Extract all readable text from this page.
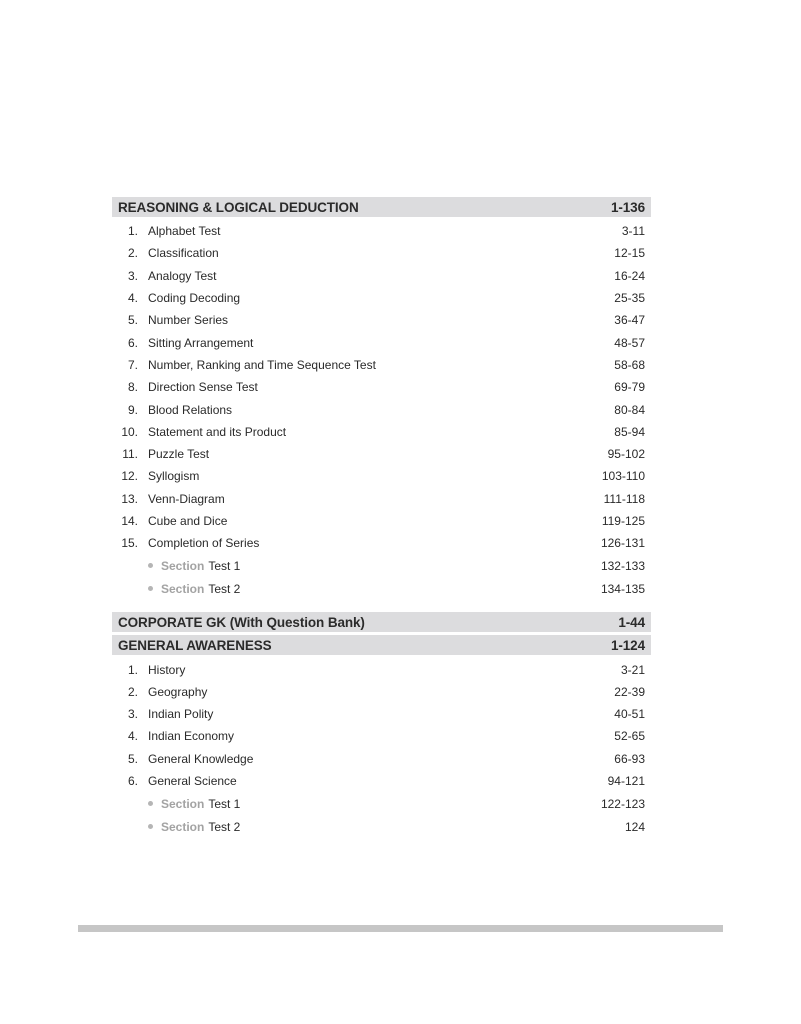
REASONING & LOGICAL DEDUCTION	1-136
1. Alphabet Test	3-11
2. Classification	12-15
3. Analogy Test	16-24
4. Coding Decoding	25-35
5. Number Series	36-47
6. Sitting Arrangement	48-57
7. Number, Ranking and Time Sequence Test	58-68
8. Direction Sense Test	69-79
9. Blood Relations	80-84
10. Statement and its Product	85-94
11. Puzzle Test	95-102
12. Syllogism	103-110
13. Venn-Diagram	111-118
14. Cube and Dice	119-125
15. Completion of Series	126-131
Section Test 1	132-133
Section Test 2	134-135
CORPORATE GK (With Question Bank)	1-44
GENERAL AWARENESS	1-124
1. History	3-21
2. Geography	22-39
3. Indian Polity	40-51
4. Indian Economy	52-65
5. General Knowledge	66-93
6. General Science	94-121
Section Test 1	122-123
Section Test 2	124
